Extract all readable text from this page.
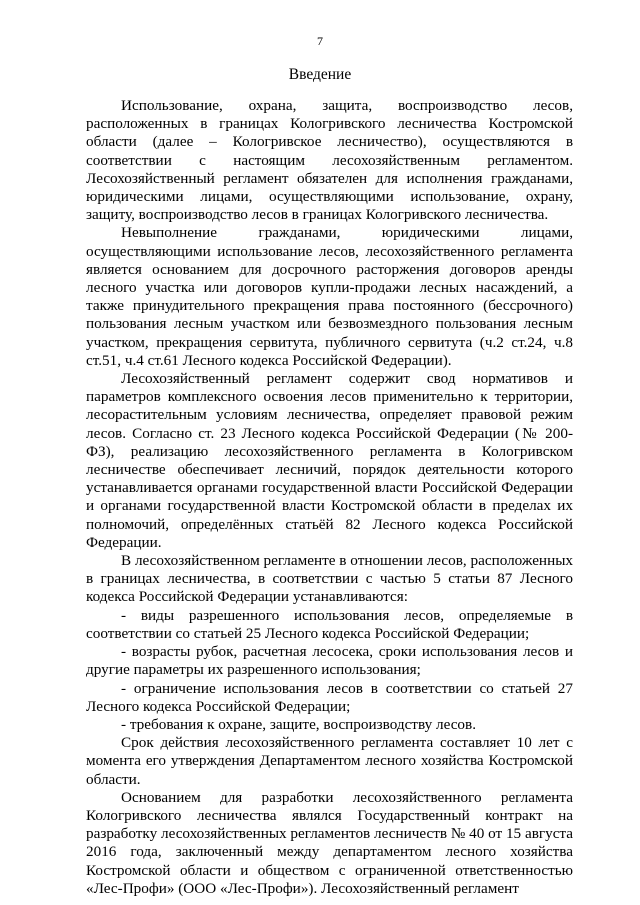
7
Введение

Использование, охрана, защита, воспроизводство лесов, расположенных в границах Кологривского лесничества Костромской области (далее – Кологривское лесничество), осуществляются в соответствии с настоящим лесохозяйственным регламентом. Лесохозяйственный регламент обязателен для исполнения гражданами, юридическими лицами, осуществляющими использование, охрану, защиту, воспроизводство лесов в границах Кологривского лесничества.

Невыполнение гражданами, юридическими лицами, осуществляющими использование лесов, лесохозяйственного регламента является основанием для досрочного расторжения договоров аренды лесного участка или договоров купли-продажи лесных насаждений, а также принудительного прекращения права постоянного (бессрочного) пользования лесным участком или безвозмездного пользования лесным участком, прекращения сервитута, публичного сервитута (ч.2 ст.24, ч.8 ст.51, ч.4 ст.61 Лесного кодекса Российской Федерации).

Лесохозяйственный регламент содержит свод нормативов и параметров комплексного освоения лесов применительно к территории, лесорастительным условиям лесничества, определяет правовой режим лесов. Согласно ст. 23 Лесного кодекса Российской Федерации (№ 200-ФЗ), реализацию лесохозяйственного регламента в Кологривском лесничестве обеспечивает лесничий, порядок деятельности которого устанавливается органами государственной власти Российской Федерации и органами государственной власти Костромской области в пределах их полномочий, определённых статьёй 82 Лесного кодекса Российской Федерации.

В лесохозяйственном регламенте в отношении лесов, расположенных в границах лесничества, в соответствии с частью 5 статьи 87 Лесного кодекса Российской Федерации устанавливаются:

- виды разрешенного использования лесов, определяемые в соответствии со статьей 25 Лесного кодекса Российской Федерации;

- возрасты рубок, расчетная лесосека, сроки использования лесов и другие параметры их разрешенного использования;

- ограничение использования лесов в соответствии со статьей 27 Лесного кодекса Российской Федерации;

- требования к охране, защите, воспроизводству лесов.

Срок действия лесохозяйственного регламента составляет 10 лет с момента его утверждения Департаментом лесного хозяйства Костромской области.

Основанием для разработки лесохозяйственного регламента Кологривского лесничества являлся Государственный контракт на разработку лесохозяйственных регламентов лесничеств № 40 от 15 августа 2016 года, заключенный между департаментом лесного хозяйства Костромской области и обществом с ограниченной ответственностью «Лес-Профи» (ООО «Лес-Профи»). Лесохозяйственный регламент
